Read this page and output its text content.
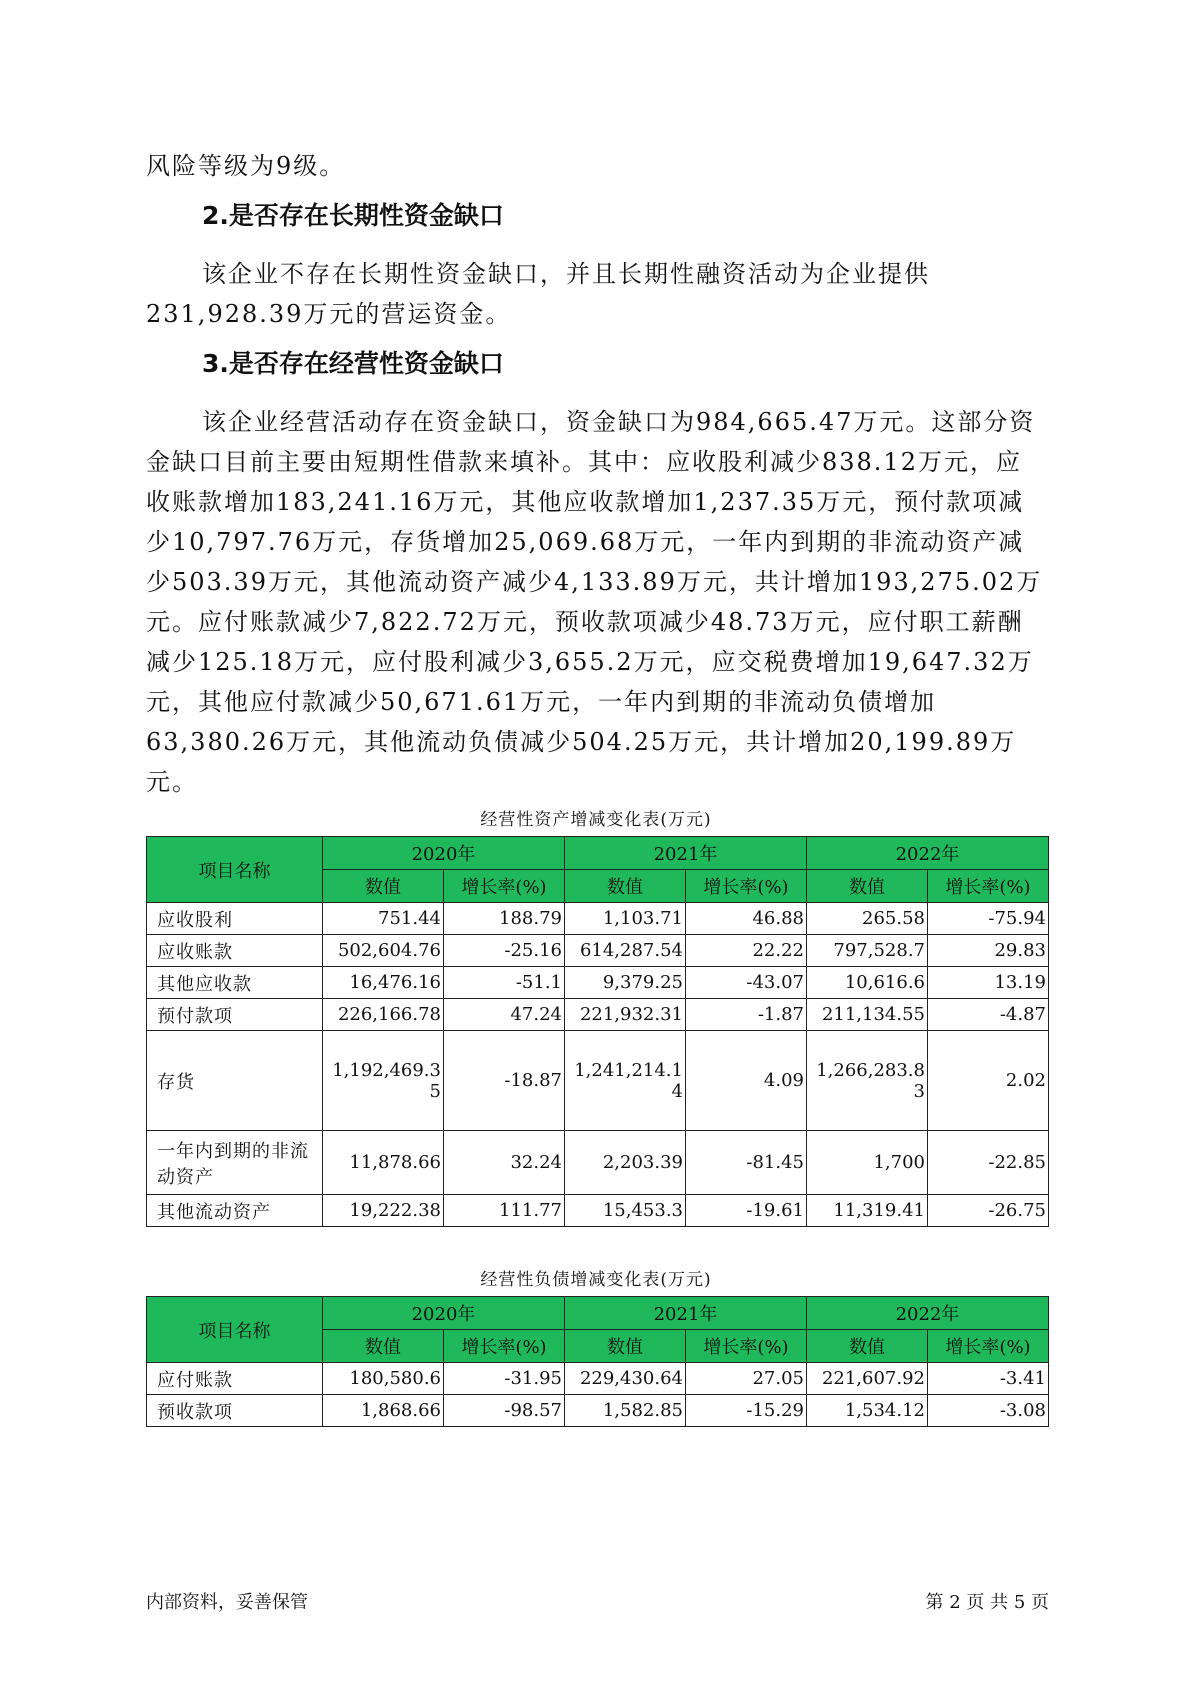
风险等级为9级。

2.是否存在长期性资金缺口

该企业不存在长期性资金缺口，并且长期性融资活动为企业提供231,928.39万元的营运资金。

3.是否存在经营性资金缺口

该企业经营活动存在资金缺口，资金缺口为984,665.47万元。这部分资金缺口目前主要由短期性借款来填补。其中：应收股利减少838.12万元，应收账款增加183,241.16万元，其他应收款增加1,237.35万元，预付款项减少10,797.76万元，存货增加25,069.68万元，一年内到期的非流动资产减少503.39万元，其他流动资产减少4,133.89万元，共计增加193,275.02万元。应付账款减少7,822.72万元，预收款项减少48.73万元，应付职工薪酬减少125.18万元，应付股利减少3,655.2万元，应交税费增加19,647.32万元，其他应付款减少50,671.61万元，一年内到期的非流动负债增加63,380.26万元，其他流动负债减少504.25万元，共计增加20,199.89万元。

经营性资产增减变化表(万元)
项目名称	2020年		2021年		2022年	
	数值	增长率(%)	数值	增长率(%)	数值	增长率(%)
应收股利	751.44	188.79	1,103.71	46.88	265.58	-75.94
应收账款	502,604.76	-25.16	614,287.54	22.22	797,528.7	29.83
其他应收款	16,476.16	-51.1	9,379.25	-43.07	10,616.6	13.19
预付款项	226,166.78	47.24	221,932.31	-1.87	211,134.55	-4.87
存货	1,192,469.35	-18.87	1,241,214.14	4.09	1,266,283.83	2.02
一年内到期的非流动资产	11,878.66	32.24	2,203.39	-81.45	1,700	-22.85
其他流动资产	19,222.38	111.77	15,453.3	-19.61	11,319.41	-26.75
经营性负债增减变化表(万元)
项目名称	2020年		2021年		2022年	
	数值	增长率(%)	数值	增长率(%)	数值	增长率(%)
应付账款	180,580.6	-31.95	229,430.64	27.05	221,607.92	-3.41
预收款项	1,868.66	-98.57	1,582.85	-15.29	1,534.12	-3.08
内部资料，妥善保管	第 2 页 共 5 页
